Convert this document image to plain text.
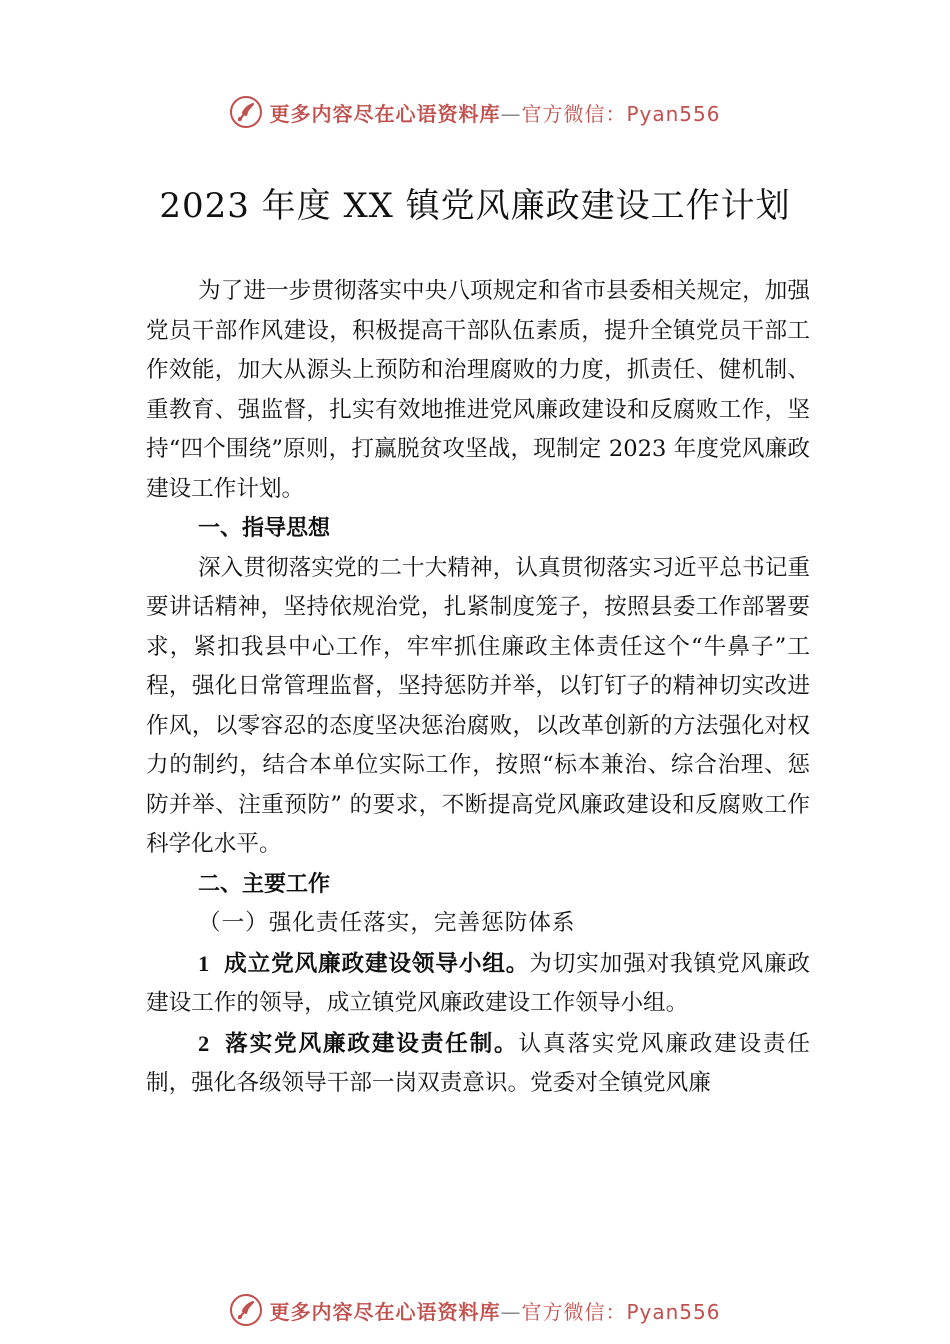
更多内容尽在心语资料库—官方微信：Pyan556
2023 年度 XX 镇党风廉政建设工作计划

为了进一步贯彻落实中央八项规定和省市县委相关规定，加强党员干部作风建设，积极提高干部队伍素质，提升全镇党员干部工作效能，加大从源头上预防和治理腐败的力度，抓责任、健机制、重教育、强监督，扎实有效地推进党风廉政建设和反腐败工作，坚持“四个围绕”原则，打赢脱贫攻坚战，现制定 2023 年度党风廉政建设工作计划。

一、指导思想

深入贯彻落实党的二十大精神，认真贯彻落实习近平总书记重要讲话精神，坚持依规治党，扎紧制度笼子，按照县委工作部署要求，紧扣我县中心工作，牢牢抓住廉政主体责任这个“牛鼻子”工程，强化日常管理监督，坚持惩防并举，以钉钉子的精神切实改进作风，以零容忍的态度坚决惩治腐败，以改革创新的方法强化对权力的制约，结合本单位实际工作，按照“标本兼治、综合治理、惩防并举、注重预防” 的要求，不断提高党风廉政建设和反腐败工作科学化水平。

二、主要工作

（一）强化责任落实，完善惩防体系

1 成立党风廉政建设领导小组。为切实加强对我镇党风廉政建设工作的领导，成立镇党风廉政建设工作领导小组。

2 落实党风廉政建设责任制。认真落实党风廉政建设责任制，强化各级领导干部一岗双责意识。党委对全镇党风廉

更多内容尽在心语资料库—官方微信：Pyan556
